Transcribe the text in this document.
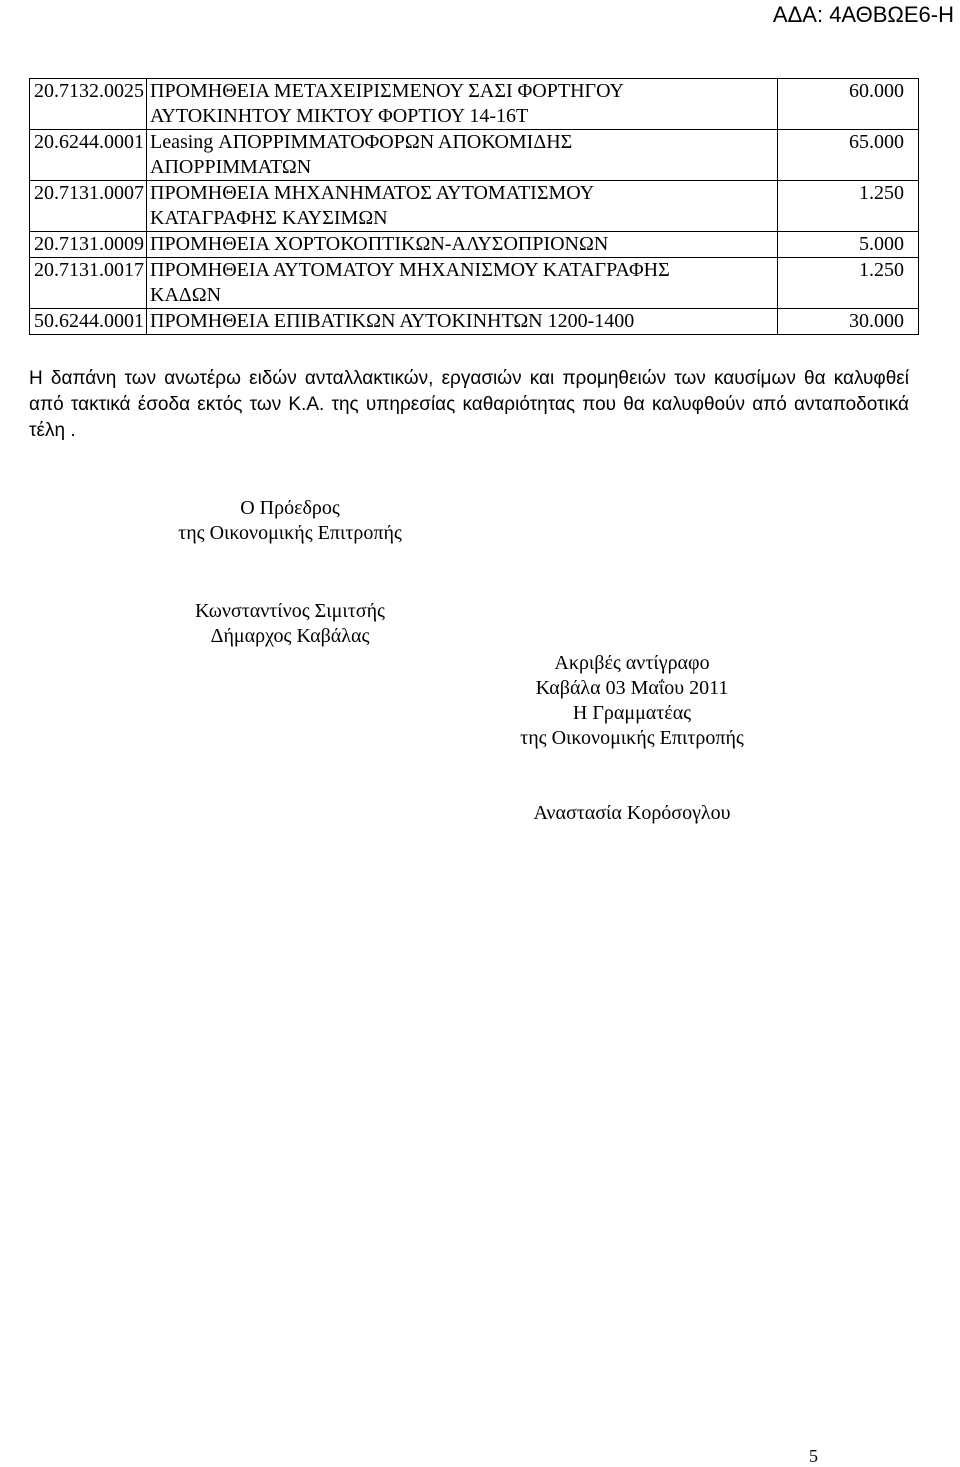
ΑΔΑ: 4ΑΘΒΩΕ6-Η
20.7132.0025	ΠΡΟΜΗΘΕΙΑ ΜΕΤΑΧΕΙΡΙΣΜΕΝΟΥ ΣΑΣΙ ΦΟΡΤΗΓΟΥ
ΑΥΤΟΚΙΝΗΤΟΥ ΜΙΚΤΟΥ ΦΟΡΤΙΟΥ 14-16Τ	60.000
20.6244.0001	Leasing ΑΠΟΡΡΙΜΜΑΤΟΦΟΡΩΝ ΑΠΟΚΟΜΙΔΗΣ
ΑΠΟΡΡΙΜΜΑΤΩΝ	65.000
20.7131.0007	ΠΡΟΜΗΘΕΙΑ ΜΗΧΑΝΗΜΑΤΟΣ ΑΥΤΟΜΑΤΙΣΜΟΥ
ΚΑΤΑΓΡΑΦΗΣ ΚΑΥΣΙΜΩΝ	1.250
20.7131.0009	ΠΡΟΜΗΘΕΙΑ ΧΟΡΤΟΚΟΠΤΙΚΩΝ-ΑΛΥΣΟΠΡΙΟΝΩΝ	5.000
20.7131.0017	ΠΡΟΜΗΘΕΙΑ ΑΥΤΟΜΑΤΟΥ ΜΗΧΑΝΙΣΜΟΥ ΚΑΤΑΓΡΑΦΗΣ
ΚΑΔΩΝ	1.250
50.6244.0001	ΠΡΟΜΗΘΕΙΑ ΕΠΙΒΑΤΙΚΩΝ ΑΥΤΟΚΙΝΗΤΩΝ 1200-1400	30.000

Η δαπάνη των ανωτέρω ειδών ανταλλακτικών, εργασιών και προμηθειών των καυσίμων θα καλυφθεί από τακτικά έσοδα εκτός των Κ.Α. της υπηρεσίας καθαριότητας που θα καλυφθούν από ανταποδοτικά τέλη .

Ο Πρόεδρος
της Οικονομικής Επιτροπής
Κωνσταντίνος Σιμιτσής
Δήμαρχος Καβάλας
Ακριβές αντίγραφο
Καβάλα 03 Μαΐου 2011
Η Γραμματέας
της Οικονομικής Επιτροπής
Αναστασία Κορόσογλου
5
